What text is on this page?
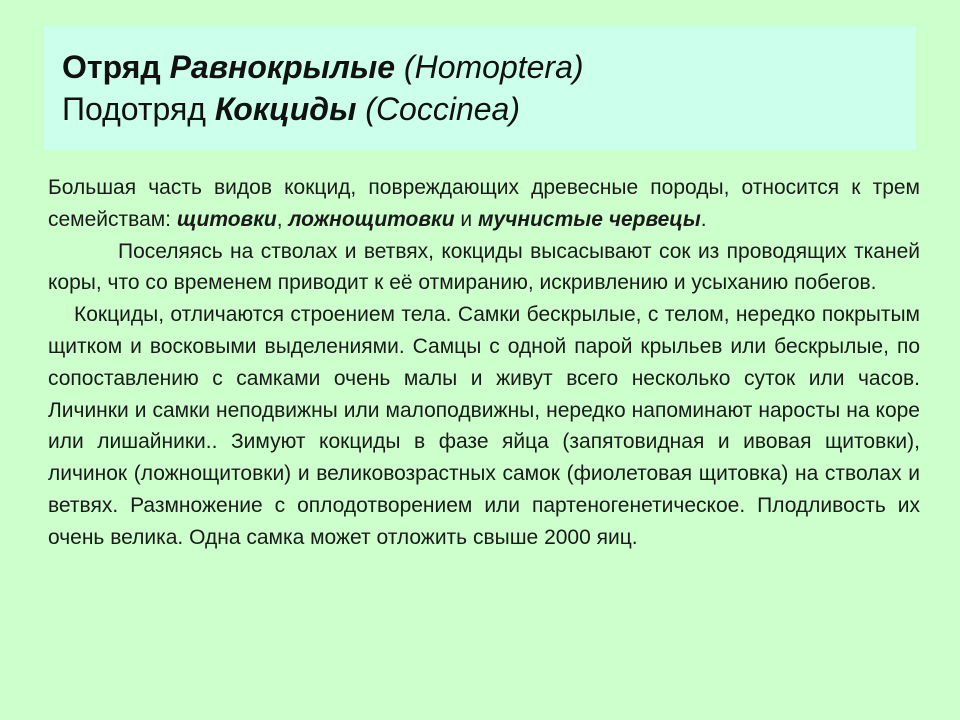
Отряд Равнокрылые (Homoptera)
Подотряд Кокциды (Coccinea)

Большая часть видов кокцид, повреждающих древесные породы, относится к трем семействам: щитовки, ложнощитовки и мучнистые червецы.

Поселяясь на стволах и ветвях, кокциды высасывают сок из проводящих тканей коры, что со временем приводит к её отмиранию, искривлению и усыханию побегов.

Кокциды, отличаются строением тела. Самки бескрылые, с телом, нередко покрытым щитком и восковыми выделениями. Самцы с одной парой крыльев или бескрылые, по сопоставлению с самками очень малы и живут всего несколько суток или часов. Личинки и самки неподвижны или малоподвижны, нередко напоминают наросты на коре или лишайники.. Зимуют кокциды в фазе яйца (запятовидная и ивовая щитовки), личинок (ложнощитовки) и великовозрастных самок (фиолетовая щитовка) на стволах и ветвях. Размножение с оплодотворением или партеногенетическое. Плодливость их очень велика. Одна самка может отложить свыше 2000 яиц.
